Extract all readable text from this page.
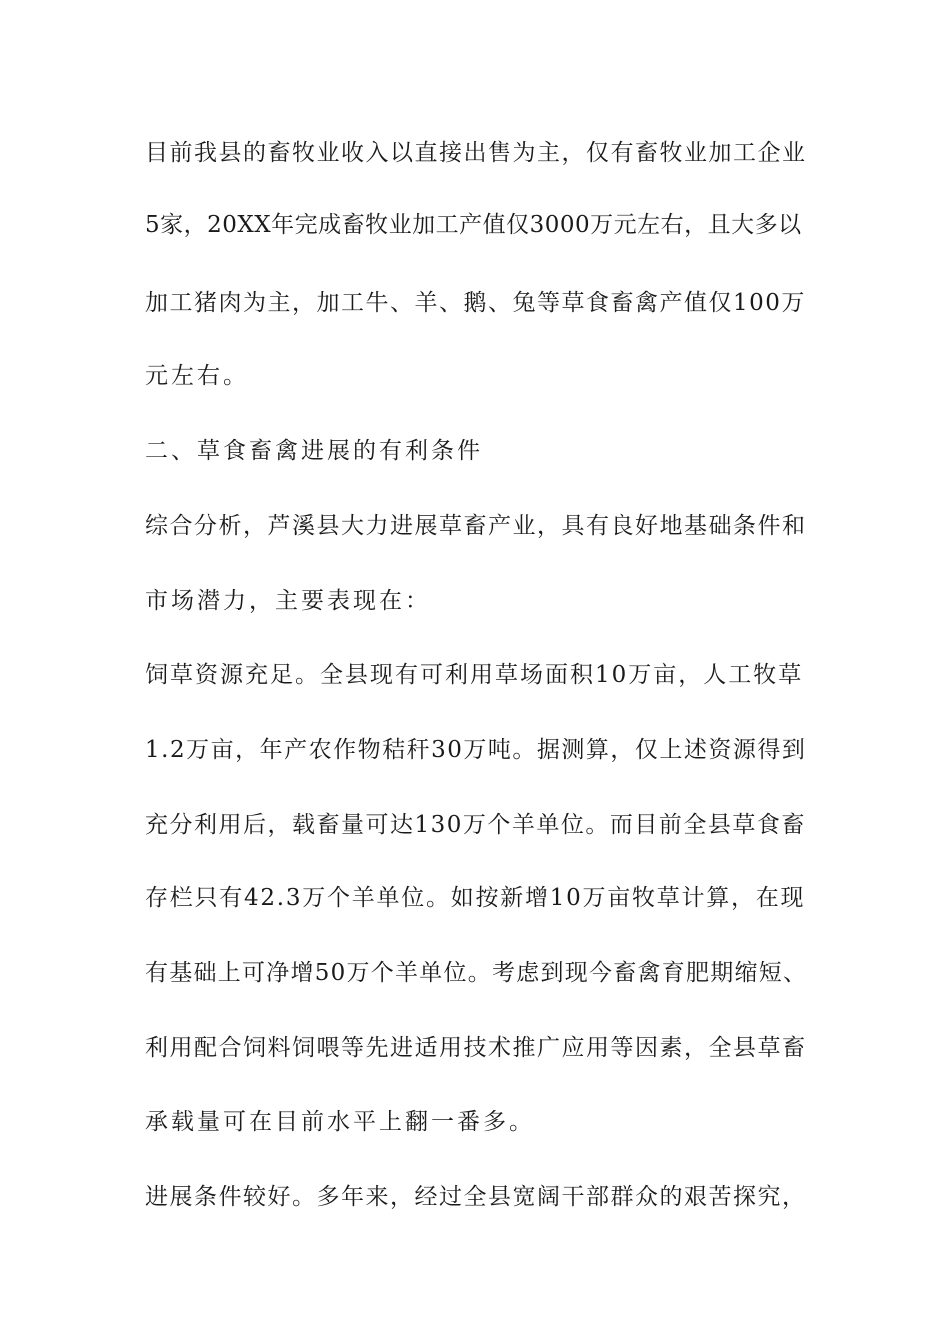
目前我县的畜牧业收入以直接出售为主，仅有畜牧业加工企业
5家，20XX年完成畜牧业加工产值仅3000万元左右，且大多以
加工猪肉为主，加工牛、羊、鹅、兔等草食畜禽产值仅100万
元左右。
二、草食畜禽进展的有利条件
综合分析，芦溪县大力进展草畜产业，具有良好地基础条件和
市场潜力，主要表现在：
饲草资源充足。全县现有可利用草场面积10万亩，人工牧草
1.2万亩，年产农作物秸秆30万吨。据测算，仅上述资源得到
充分利用后，载畜量可达130万个羊单位。而目前全县草食畜
存栏只有42.3万个羊单位。如按新增10万亩牧草计算，在现
有基础上可净增50万个羊单位。考虑到现今畜禽育肥期缩短、
利用配合饲料饲喂等先进适用技术推广应用等因素，全县草畜
承载量可在目前水平上翻一番多。
进展条件较好。多年来，经过全县宽阔干部群众的艰苦探究，
